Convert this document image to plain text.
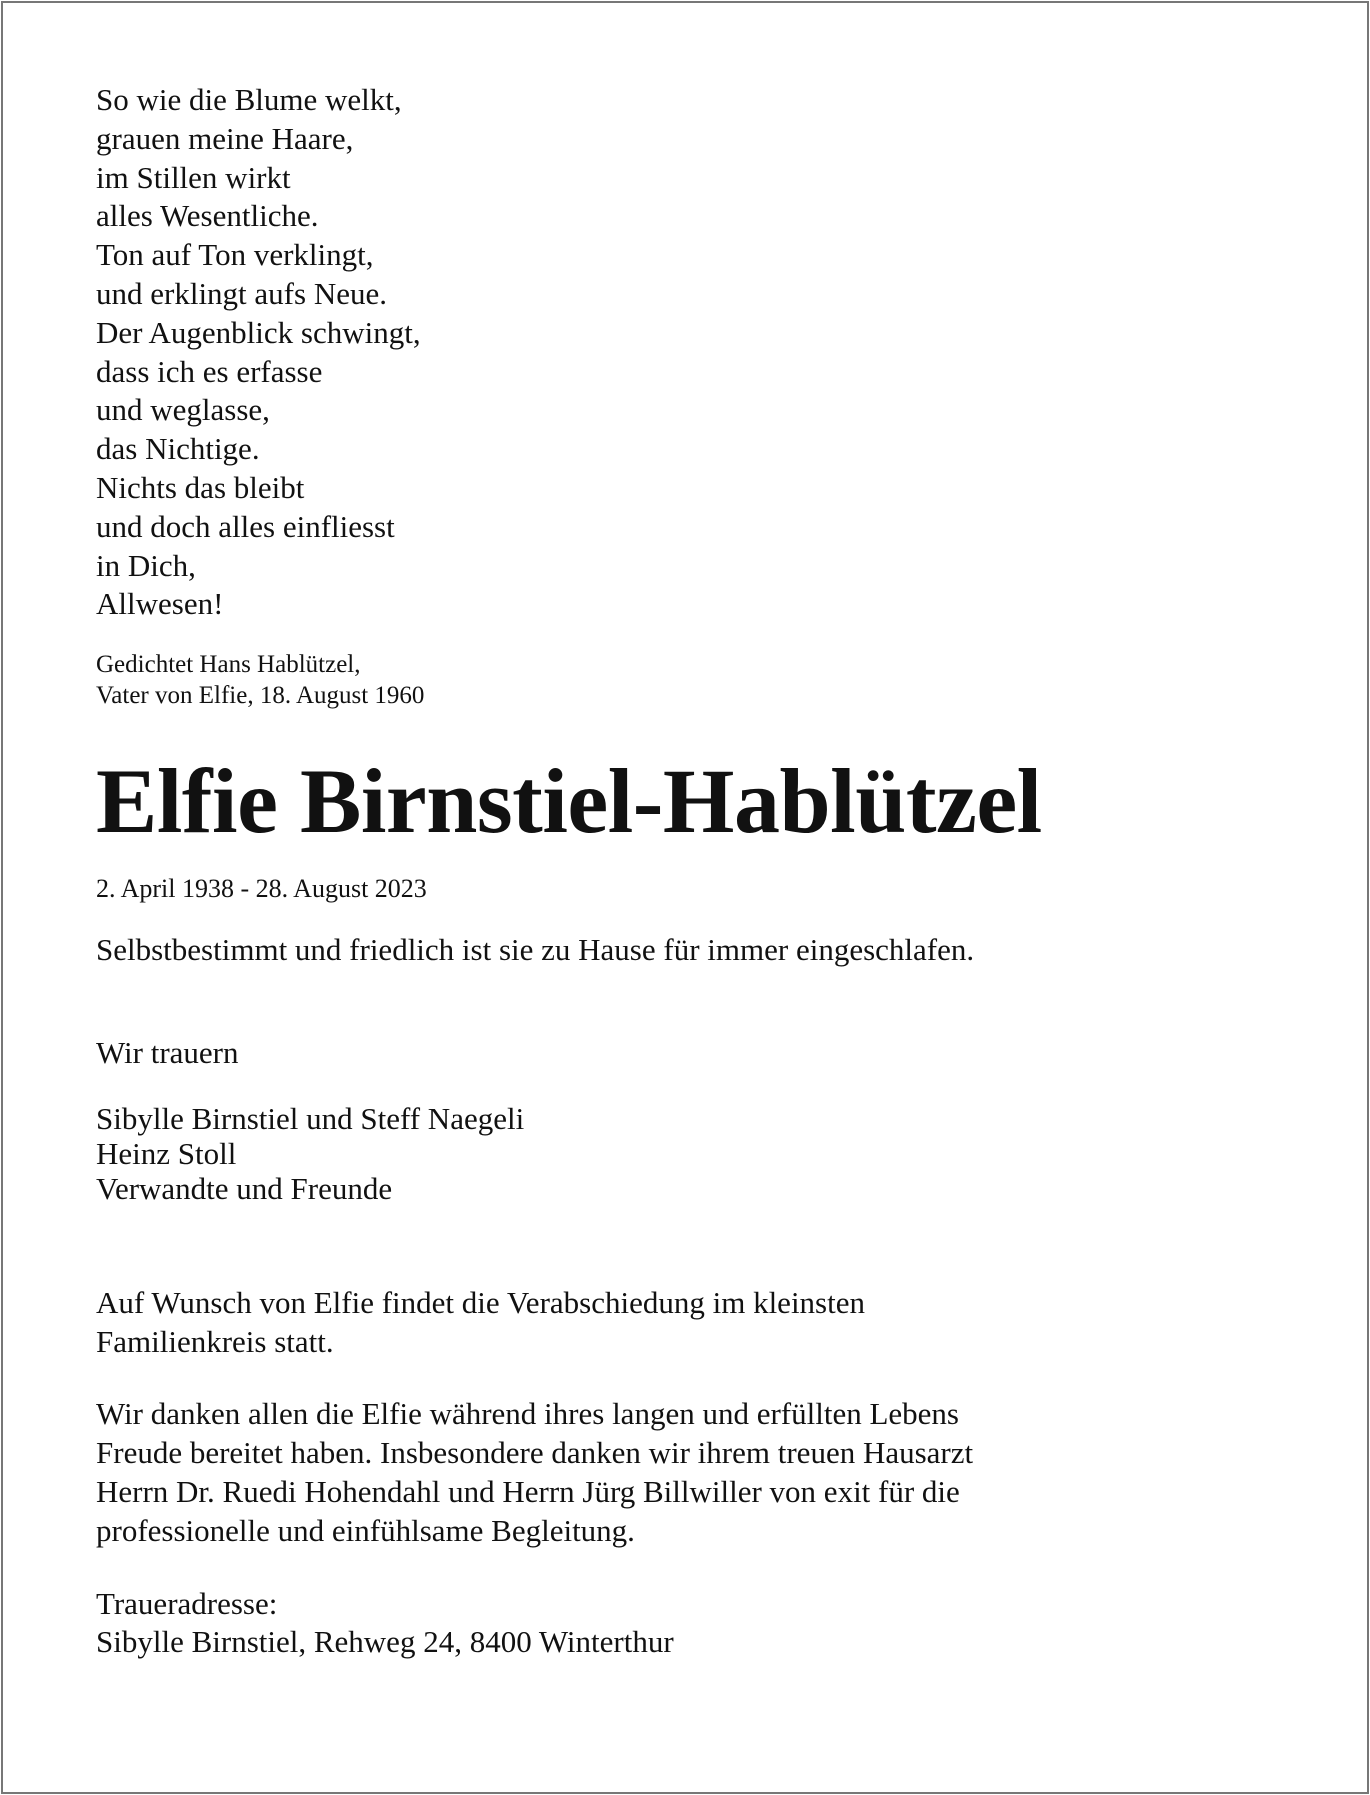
So wie die Blume welkt,
grauen meine Haare,
im Stillen wirkt
alles Wesentliche.
Ton auf Ton verklingt,
und erklingt aufs Neue.
Der Augenblick schwingt,
dass ich es erfasse
und weglasse,
das Nichtige.
Nichts das bleibt
und doch alles einfliesst
in Dich,
Allwesen!
Gedichtet Hans Hablützel,
Vater von Elfie, 18. August 1960
Elfie Birnstiel-Hablützel
2. April 1938 - 28. August 2023
Selbstbestimmt und friedlich ist sie zu Hause für immer eingeschlafen.
Wir trauern
Sibylle Birnstiel und Steff Naegeli
Heinz Stoll
Verwandte und Freunde
Auf Wunsch von Elfie findet die Verabschiedung im kleinsten
Familienkreis statt.
Wir danken allen die Elfie während ihres langen und erfüllten Lebens
Freude bereitet haben. Insbesondere danken wir ihrem treuen Hausarzt
Herrn Dr. Ruedi Hohendahl und Herrn Jürg Billwiller von exit für die
professionelle und einfühlsame Begleitung.
Traueradresse:
Sibylle Birnstiel, Rehweg 24, 8400 Winterthur
